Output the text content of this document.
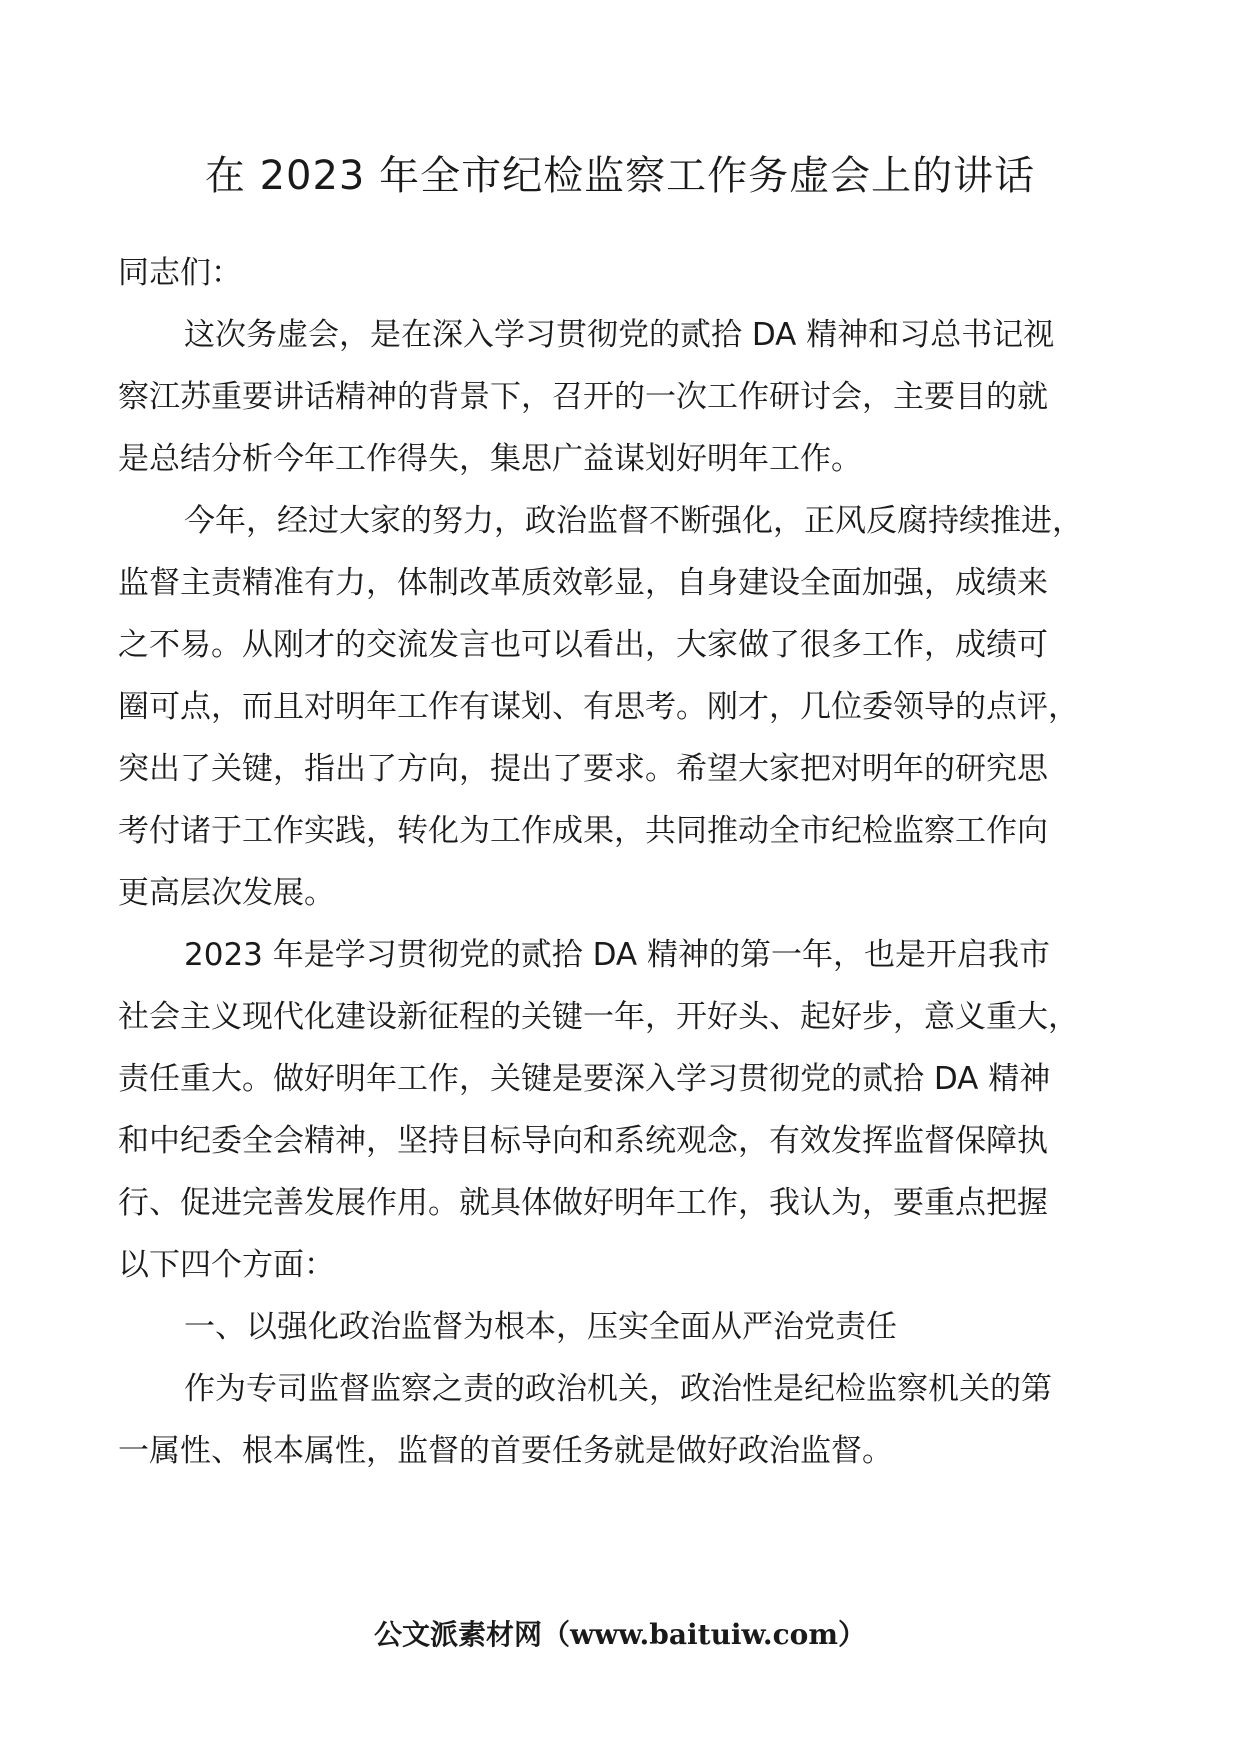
在 2023 年全市纪检监察工作务虚会上的讲话
同志们：
这次务虚会，是在深入学习贯彻党的贰拾 DA 精神和习总书记视
察江苏重要讲话精神的背景下，召开的一次工作研讨会，主要目的就
是总结分析今年工作得失，集思广益谋划好明年工作。
今年，经过大家的努力，政治监督不断强化，正风反腐持续推进，
监督主责精准有力，体制改革质效彰显，自身建设全面加强，成绩来
之不易。从刚才的交流发言也可以看出，大家做了很多工作，成绩可
圈可点，而且对明年工作有谋划、有思考。刚才，几位委领导的点评，
突出了关键，指出了方向，提出了要求。希望大家把对明年的研究思
考付诸于工作实践，转化为工作成果，共同推动全市纪检监察工作向
更高层次发展。
2023 年是学习贯彻党的贰拾 DA 精神的第一年，也是开启我市
社会主义现代化建设新征程的关键一年，开好头、起好步，意义重大，
责任重大。做好明年工作，关键是要深入学习贯彻党的贰拾 DA 精神
和中纪委全会精神，坚持目标导向和系统观念，有效发挥监督保障执
行、促进完善发展作用。就具体做好明年工作，我认为，要重点把握
以下四个方面：
一、以强化政治监督为根本，压实全面从严治党责任
作为专司监督监察之责的政治机关，政治性是纪检监察机关的第
一属性、根本属性，监督的首要任务就是做好政治监督。
公文派素材网（www.baituiw.com）
